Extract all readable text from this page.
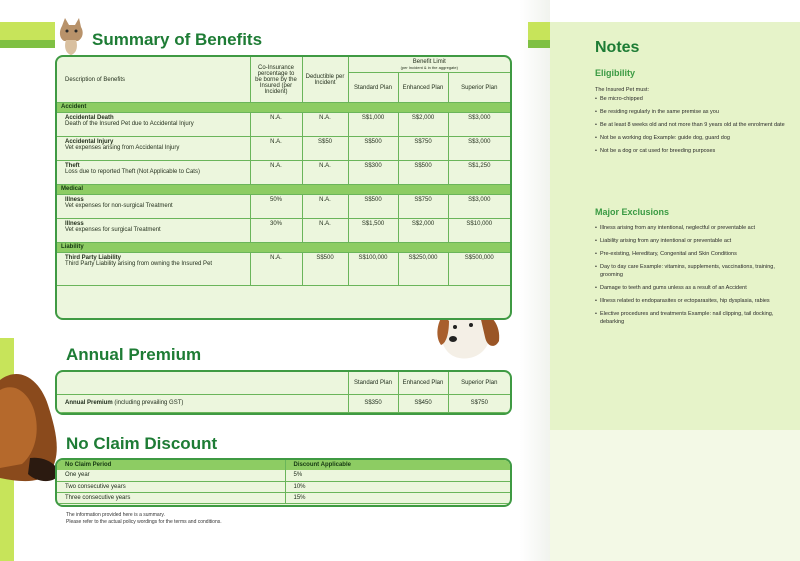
Summary of Benefits
Description of Benefits	Co-Insurance percentage to be borne by the Insured (per Incident)	Deductible per Incident	Benefit Limit
(per Incident & in the aggregate)		

			Standard Plan	Enhanced Plan	Superior Plan
Accident					

Accidental Death
Death of the Insured Pet due to Accidental Injury	N.A.	N.A.	S$1,000	S$2,000	S$3,000

Accidental Injury
Vet expenses arising from Accidental Injury	N.A.	S$50	S$500	S$750	S$3,000

Theft
Loss due to reported Theft (Not Applicable to Cats)	N.A.	N.A.	S$300	S$500	S$1,250
Medical					

Illness
Vet expenses for non-surgical Treatment	50%	N.A.	S$500	S$750	S$3,000

Illness
Vet expenses for surgical Treatment	30%	N.A.	S$1,500	S$2,000	S$10,000
Liability					

Third Party Liability
Third Party Liability arising from owning the Insured Pet	N.A.	S$500	S$100,000	S$250,000	S$500,000
Annual Premium
	Standard Plan	Enhanced Plan	Superior Plan
Annual Premium (including prevailing GST)	S$350	S$450	S$750
No Claim Discount
No Claim Period	Discount Applicable
One year	5%
Two consecutive years	10%
Three consecutive years	15%
The information provided here is a summary.
Please refer to the actual policy wordings for the terms and conditions.
Notes
Eligibility
The Insured Pet must:
• Be micro-chipped
• Be residing regularly in the same premise as you
• Be at least 8 weeks old and not more than 9 years old at the enrolment date
• Not be a working dog Example: guide dog, guard dog
• Not be a dog or cat used for breeding purposes
Major Exclusions
• Illness arising from any intentional, neglectful or preventable act
• Liability arising from any intentional or preventable act
• Pre-existing, Hereditary, Congenital and Skin Conditions
• Day to day care Example: vitamins, supplements, vaccinations, training, grooming
• Damage to teeth and gums unless as a result of an Accident
• Illness related to endoparasites or ectoparasites, hip dysplasia, rabies
• Elective procedures and treatments Example: nail clipping, tail docking, debarking
